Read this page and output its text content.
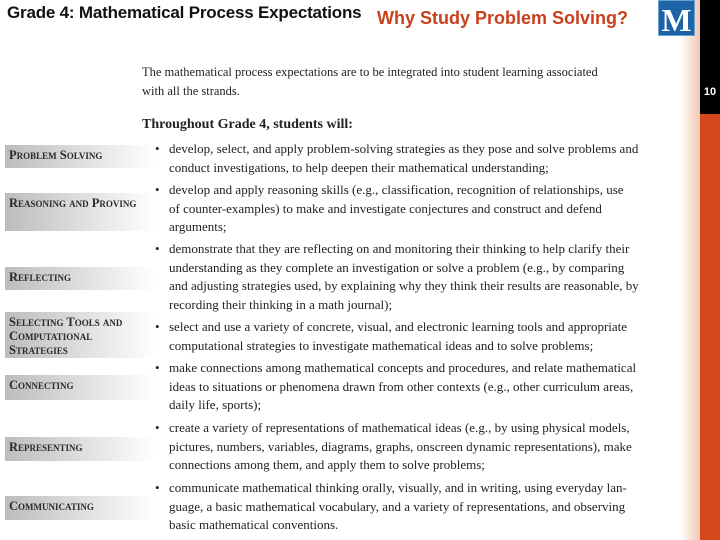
10
Grade 4: Mathematical Process Expectations Why Study Problem Solving? M
The mathematical process expectations are to be integrated into student learning associated
with all the strands.
Throughout Grade 4, students will:
Problem Solving
Reasoning and Proving
Reflecting
Selecting Tools and Computational Strategies
Connecting
Representing
Communicating
• develop, select, and apply problem-solving strategies as they pose and solve problems and
conduct investigations, to help deepen their mathematical understanding;
• develop and apply reasoning skills (e.g., classification, recognition of relationships, use
of counter-examples) to make and investigate conjectures and construct and defend
arguments;
• demonstrate that they are reflecting on and monitoring their thinking to help clarify their
understanding as they complete an investigation or solve a problem (e.g., by comparing
and adjusting strategies used, by explaining why they think their results are reasonable, by
recording their thinking in a math journal);
• select and use a variety of concrete, visual, and electronic learning tools and appropriate
computational strategies to investigate mathematical ideas and to solve problems;
• make connections among mathematical concepts and procedures, and relate mathematical
ideas to situations or phenomena drawn from other contexts (e.g., other curriculum areas,
daily life, sports);
• create a variety of representations of mathematical ideas (e.g., by using physical models,
pictures, numbers, variables, diagrams, graphs, onscreen dynamic representations), make
connections among them, and apply them to solve problems;
• communicate mathematical thinking orally, visually, and in writing, using everyday lan-
guage, a basic mathematical vocabulary, and a variety of representations, and observing
basic mathematical conventions.
